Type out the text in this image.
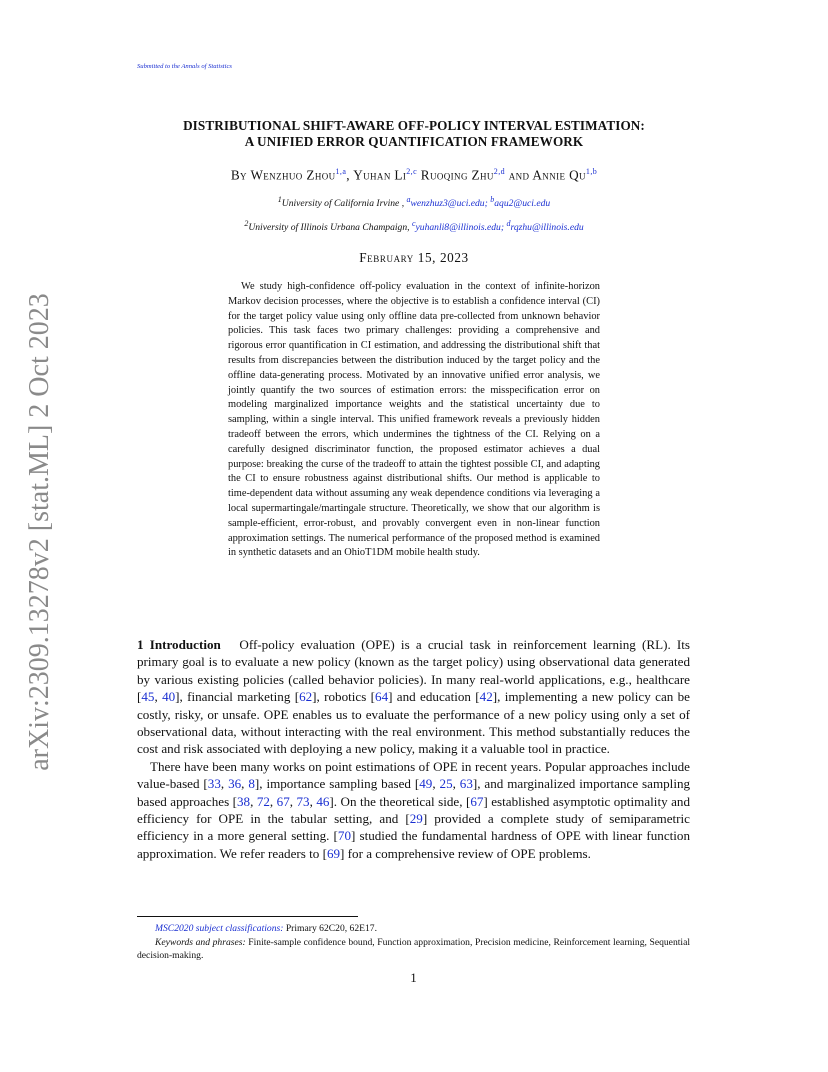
Submitted to the Annals of Statistics
arXiv:2309.13278v2 [stat.ML] 2 Oct 2023
DISTRIBUTIONAL SHIFT-AWARE OFF-POLICY INTERVAL ESTIMATION:
A UNIFIED ERROR QUANTIFICATION FRAMEWORK
By Wenzhuo Zhou$^{1,a}$, Yuhan Li$^{2,c}$ Ruoqing Zhu$^{2,d}$ and Annie Qu$^{1,b}$
$^1$University of California Irvine , $^a$wenzhuz3@uci.edu; $^b$aqu2@uci.edu
$^2$University of Illinois Urbana Champaign, $^c$yuhanli8@illinois.edu; $^d$rqzhu@illinois.edu
February 15, 2023
We study high-confidence off-policy evaluation in the context of infinite-horizon Markov decision processes, where the objective is to establish a confidence interval (CI) for the target policy value using only offline data pre-collected from unknown behavior policies. This task faces two primary challenges: providing a comprehensive and rigorous error quantification in CI estimation, and addressing the distributional shift that results from discrepancies between the distribution induced by the target policy and the offline data-generating process. Motivated by an innovative unified error analysis, we jointly quantify the two sources of estimation errors: the misspecification error on modeling marginalized importance weights and the statistical uncertainty due to sampling, within a single interval. This unified framework reveals a previously hidden tradeoff between the errors, which undermines the tightness of the CI. Relying on a carefully designed discriminator function, the proposed estimator achieves a dual purpose: breaking the curse of the tradeoff to attain the tightest possible CI, and adapting the CI to ensure robustness against distributional shifts. Our method is applicable to time-dependent data without assuming any weak dependence conditions via leveraging a local supermartingale/martingale structure. Theoretically, we show that our algorithm is sample-efficient, error-robust, and provably convergent even in non-linear function approximation settings. The numerical performance of the proposed method is examined in synthetic datasets and an OhioT1DM mobile health study.

1 Introduction Off-policy evaluation (OPE) is a crucial task in reinforcement learning (RL). Its primary goal is to evaluate a new policy (known as the target policy) using observational data generated by various existing policies (called behavior policies). In many real-world applications, e.g., healthcare [45, 40], financial marketing [62], robotics [64] and education [42], implementing a new policy can be costly, risky, or unsafe. OPE enables us to evaluate the performance of a new policy using only a set of observational data, without interacting with the real environment. This method substantially reduces the cost and risk associated with deploying a new policy, making it a valuable tool in practice.

There have been many works on point estimations of OPE in recent years. Popular approaches include value-based [33, 36, 8], importance sampling based [49, 25, 63], and marginalized importance sampling based approaches [38, 72, 67, 73, 46]. On the theoretical side, [67] established asymptotic optimality and efficiency for OPE in the tabular setting, and [29] provided a complete study of semiparametric efficiency in a more general setting. [70] studied the fundamental hardness of OPE with linear function approximation. We refer readers to [69] for a comprehensive review of OPE problems.

MSC2020 subject classifications: Primary 62C20, 62E17.

Keywords and phrases: Finite-sample confidence bound, Function approximation, Precision medicine, Reinforcement learning, Sequential decision-making.

1
